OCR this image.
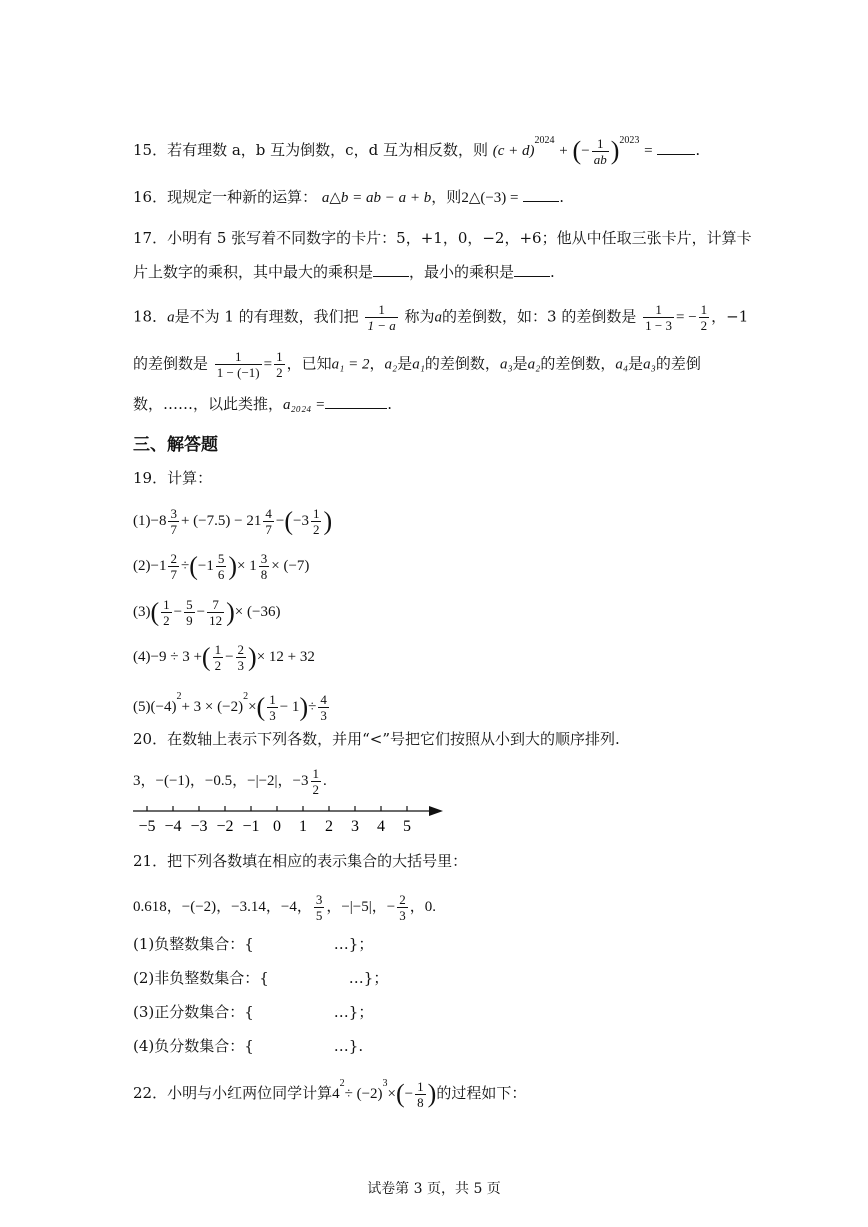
15．若有理数 a，b 互为倒数，c，d 互为相反数，则 $(c + d)^{2024}$ + (− $\frac{1}{ab} )^{2023}$ =	.
16．现规定一种新的运算： a△b = ab − a + b，则2△(−3) =	.
17．小明有 5 张写着不同数字的卡片：5，+1，0，−2，+6；他从中任取三张卡片，计算卡
片上数字的乘积，其中最大的乘积是 ，最小的乘积是 .
18．a是不为 1 的有理数，我们把 $\frac{1}{1 - a}$ 称为a的差倒数，如：3 的差倒数是 $\frac{1}{1 - 3}$ = − $\frac{1}{2}$ ，−1
的差倒数是 $\frac{1}{1 - (-1)} = \frac{1}{2}$ ，已知a₁ = 2，a₂是a₁的差倒数，a₃是a₂的差倒数，a₄是a₃的差倒
数，……，以此类推，a₂₀₂₄ =	.
三、解答题
19．计算：
$(1)-8 \frac{3}{7} + (-7.5) - 21 \frac{4}{7} -(-3 \frac{1}{2}$ )
$(2)-1 \frac{2}{7} \div(-1 \frac{5}{6}$ )× $1 \frac{3}{8} \times (-7)$
$(3)( \frac{1}{2} - \frac{5}{9} - \frac{7}{12}$ )× (−36)
(4)−9 ÷ 3 +( $\frac{1}{2} - \frac{2}{3}$ )× 12 + 32
$(5)(-4)^2+ 3 \times (-2)^2\times( \frac{1}{3} - 1)\div \frac{4}{3}$
20．在数轴上表示下列各数，并用“<”号把它们按照从小到大的顺序排列.
3，−(−1)，−0.5，−|−2|，$-3 \frac{1}{2}$ .
−5 −4 −3 −2 −1 0 1 2 3 4 5
21．把下列各数填在相应的表示集合的大括号里：
0.618，−(−2)，−3.14，−4， $\frac{3}{5}$ ，−|−5|，− $\frac{2}{3}$ ，0.
(1)负整数集合：{	…}；
(2)非负整数集合：{	…}；
(3)正分数集合：{	…}；
(4)负分数集合：{	…}.
22．小明与小红两位同学计算$4^2\div (-2)^3\times(- \frac{1}{8}$ )的过程如下：
试卷第 3 页，共 5 页
